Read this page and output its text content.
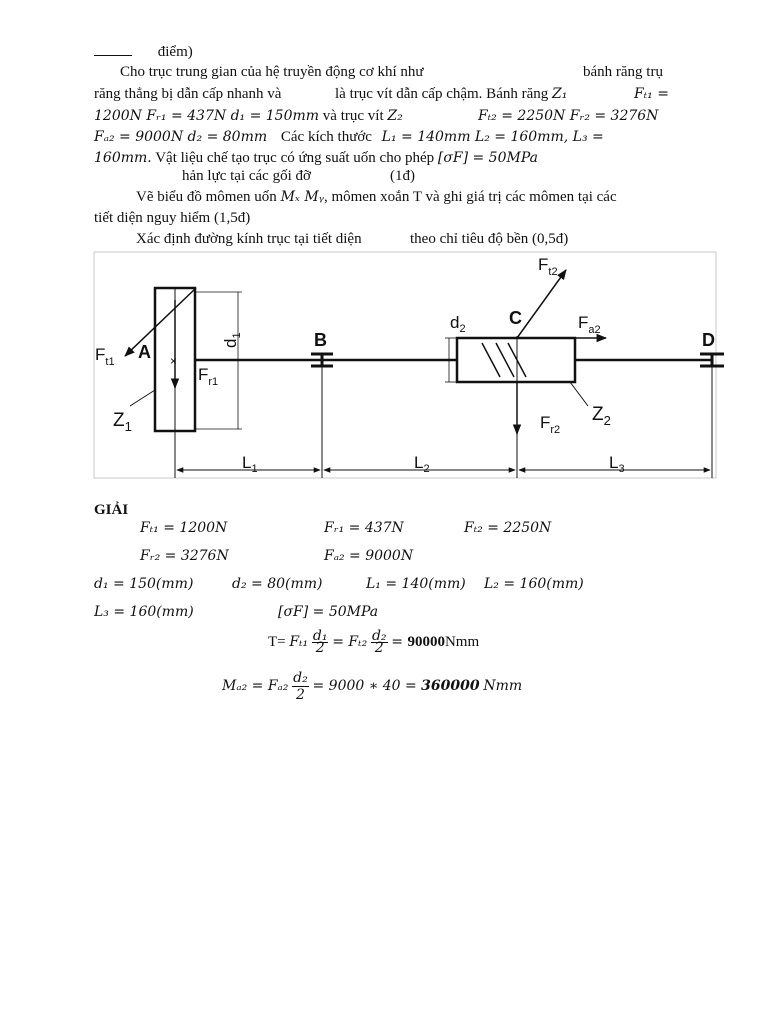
điểm)
Cho trục trung gian của hệ truyền động cơ khí như	bánh răng trụ
răng thẳng bị dẫn cấp nhanh và	là trục vít dẫn cấp chậm. Bánh răng Z₁	Fₜ₁ =
1200N Fᵣ₁ = 437N d₁ = 150mm và trục vít Z₂	Fₜ₂ = 2250N Fᵣ₂ = 3276N
Fₐ₂ = 9000N d₂ = 80mm Các kích thước L₁ = 140mm L₂ = 160mm, L₃ =
160mm. Vật liệu chế tạo trục có ứng suất uốn cho phép [σF] = 50MPa
hản lực tại các gối đỡ	(1đ)
Vẽ biểu đồ mômen uốn Mₓ Mᵧ, mômen xoắn T và ghi giá trị các mômen tại các
tiết diện nguy hiểm (1,5đ)
Xác định đường kính trục tại tiết diện	theo chỉ tiêu độ bền (0,5đ)
×
A
B
C
D
$F_{t1}$
$F_{r1}$
$F_{t2}$
$F_{a2}$
$F_{r2}$
$d_1$
$d_2$
$Z_1$
$Z_2$
$L_1$	$L_2$	$L_3$
GIẢI
Fₜ₁ = 1200N	Fᵣ₁ = 437N	Fₜ₂ = 2250N
Fᵣ₂ = 3276N	Fₐ₂ = 9000N
d₁ = 150(mm)	d₂ = 80(mm)	L₁ = 140(mm) L₂ = 160(mm)
L₃ = 160(mm)	[σF] = 50MPa
$T= F_{t1} \frac{\text{d₁}}{2} = F_{t2} \frac{\text{d₂}}{2} = 90000Nmm$
$M_{a2} = F_{a2} \frac{\text{d₂}}{2} = 9000$ ∗ 40 = 360000 Nmm
